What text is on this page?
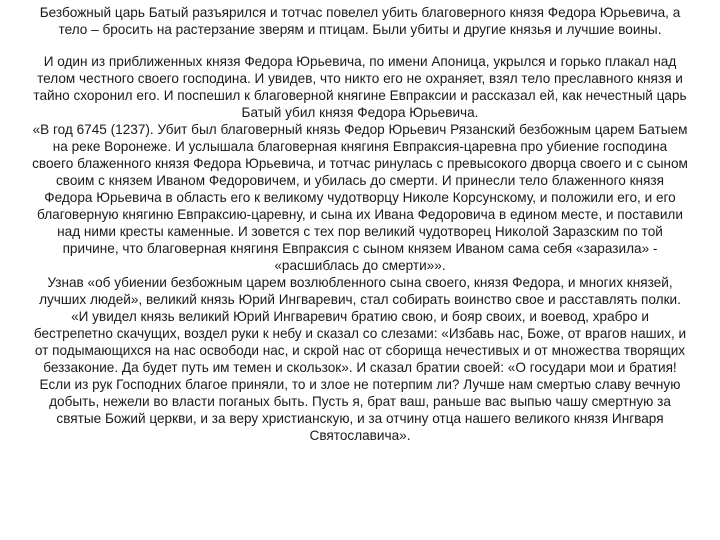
Безбожный царь Батый разъярился и тотчас повелел убить благоверного князя Федора Юрьевича, а
тело – бросить на растерзание зверям и птицам. Были убиты и другие князья и лучшие воины.
И один из приближенных князя Федора Юрьевича, по имени Апоница, укрылся и горько плакал над
телом честного своего господина. И увидев, что никто его не охраняет, взял тело преславного князя и
тайно схоронил его. И поспешил к благоверной княгине Евпраксии и рассказал ей, как нечестный царь
Батый убил князя Федора Юрьевича.
«В год 6745 (1237). Убит был благоверный князь Федор Юрьевич Рязанский безбожным царем Батыем
на реке Воронеже. И услышала благоверная княгиня Евпраксия-царевна про убиение господина
своего блаженного князя Федора Юрьевича, и тотчас ринулась с превысокого дворца своего и с сыном
своим с князем Иваном Федоровичем, и убилась до смерти. И принесли тело блаженного князя
Федора Юрьевича в область его к великому чудотворцу Николе Корсунскому, и положили его, и его
благоверную княгиню Евпраксию-царевну, и сына их Ивана Федоровича в едином месте, и поставили
над ними кресты каменные. И зовется с тех пор великий чудотворец Николой Заразским по той
причине, что благоверная княгиня Евпраксия с сыном князем Иваном сама себя «заразила» -
«расшиблась до смерти»».
Узнав «об убиении безбожным царем возлюбленного сына своего, князя Федора, и многих князей,
лучших людей», великий князь Юрий Ингваревич, стал собирать воинство свое и расставлять полки.
«И увидел князь великий Юрий Ингваревич братию свою, и бояр своих, и воевод, храбро и
бестрепетно скачущих, воздел руки к небу и сказал со слезами: «Избавь нас, Боже, от врагов наших, и
от подымающихся на нас освободи нас, и скрой нас от сборища нечестивых и от множества творящих
беззаконие. Да будет путь им темен и скользок». И сказал братии своей: «О государи мои и братия!
Если из рук Господних благое приняли, то и злое не потерпим ли? Лучше нам смертью славу вечную
добыть, нежели во власти поганых быть. Пусть я, брат ваш, раньше вас выпью чашу смертную за
святые Божий церкви, и за веру христианскую, и за отчину отца нашего великого князя Ингваря
Святославича».
